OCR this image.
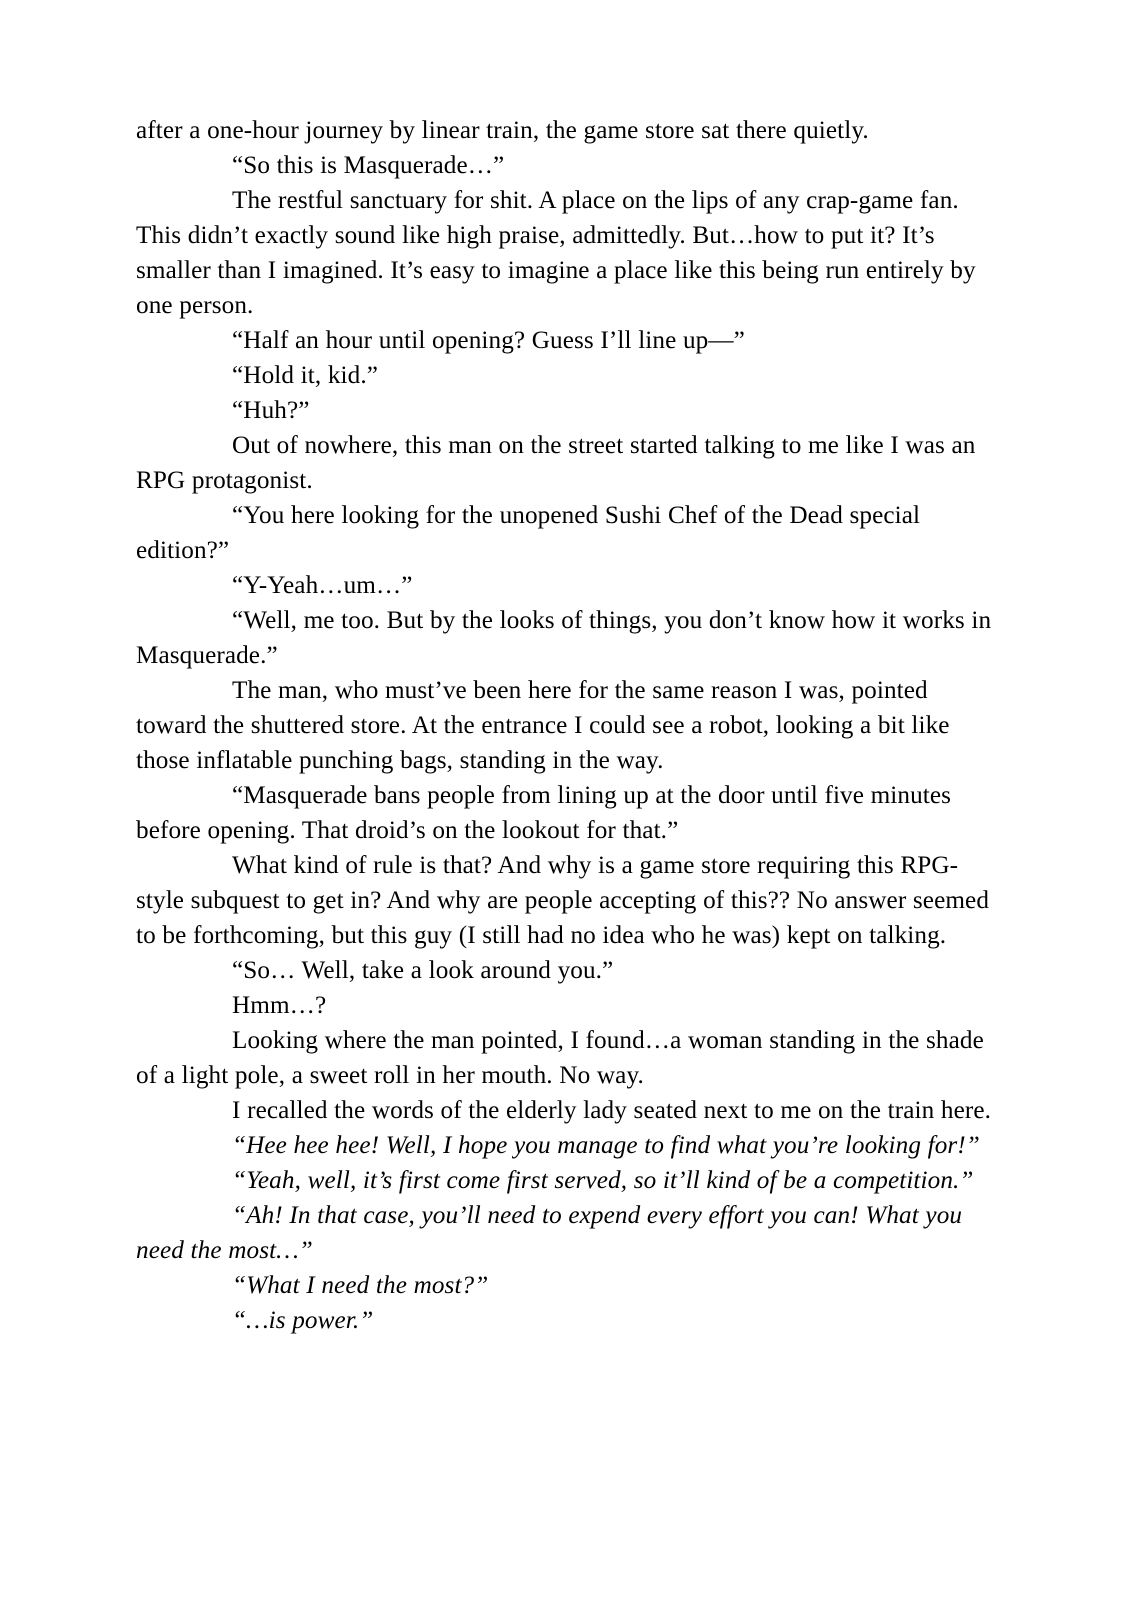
after a one-hour journey by linear train, the game store sat there quietly.

“So this is Masquerade…”

The restful sanctuary for shit. A place on the lips of any crap-game fan. This didn’t exactly sound like high praise, admittedly. But…how to put it? It’s smaller than I imagined. It’s easy to imagine a place like this being run entirely by one person.

“Half an hour until opening? Guess I’ll line up—”

“Hold it, kid.”

“Huh?”

Out of nowhere, this man on the street started talking to me like I was an RPG protagonist.

“You here looking for the unopened Sushi Chef of the Dead special edition?”

“Y-Yeah…um…”

“Well, me too. But by the looks of things, you don’t know how it works in Masquerade.”

The man, who must’ve been here for the same reason I was, pointed toward the shuttered store. At the entrance I could see a robot, looking a bit like those inflatable punching bags, standing in the way.

“Masquerade bans people from lining up at the door until five minutes before opening. That droid’s on the lookout for that.”

What kind of rule is that? And why is a game store requiring this RPG-style subquest to get in? And why are people accepting of this?? No answer seemed to be forthcoming, but this guy (I still had no idea who he was) kept on talking.

“So… Well, take a look around you.”

Hmm…?

Looking where the man pointed, I found…a woman standing in the shade of a light pole, a sweet roll in her mouth. No way.

I recalled the words of the elderly lady seated next to me on the train here.

“Hee hee hee! Well, I hope you manage to find what you’re looking for!”

“Yeah, well, it’s first come first served, so it’ll kind of be a competition.”

“Ah! In that case, you’ll need to expend every effort you can! What you need the most…”

“What I need the most?”

“…is power.”
